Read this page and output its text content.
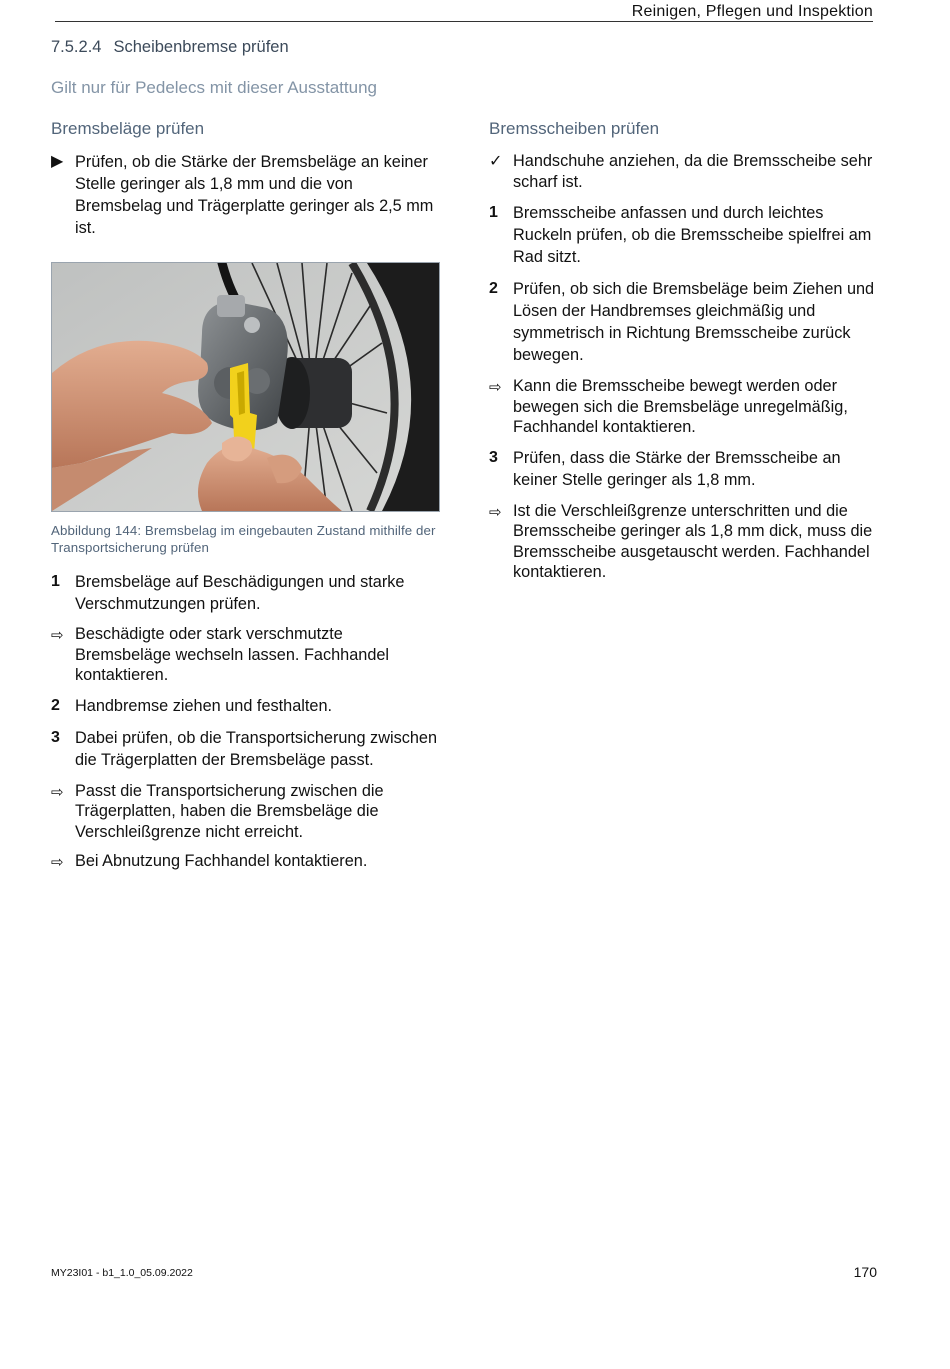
Reinigen, Pflegen und Inspektion
7.5.2.4 Scheibenbremse prüfen
Gilt nur für Pedelecs mit dieser Ausstattung
Bremsbeläge prüfen
▶ Prüfen, ob die Stärke der Bremsbeläge an keiner Stelle geringer als 1,8 mm und die von Bremsbelag und Trägerplatte geringer als 2,5 mm ist.
Abbildung 144: Bremsbelag im eingebauten Zustand mithilfe der Transportsicherung prüfen
1 Bremsbeläge auf Beschädigungen und starke Verschmutzungen prüfen.
⇨ Beschädigte oder stark verschmutzte Bremsbeläge wechseln lassen. Fachhandel kontaktieren.
2 Handbremse ziehen und festhalten.
3 Dabei prüfen, ob die Transportsicherung zwischen die Trägerplatten der Bremsbeläge passt.
⇨ Passt die Transportsicherung zwischen die Trägerplatten, haben die Bremsbeläge die Verschleißgrenze nicht erreicht.
⇨ Bei Abnutzung Fachhandel kontaktieren.
Bremsscheiben prüfen
✓ Handschuhe anziehen, da die Bremsscheibe sehr scharf ist.
1 Bremsscheibe anfassen und durch leichtes Ruckeln prüfen, ob die Bremsscheibe spielfrei am Rad sitzt.
2 Prüfen, ob sich die Bremsbeläge beim Ziehen und Lösen der Handbremses gleichmäßig und symmetrisch in Richtung Bremsscheibe zurück bewegen.
⇨ Kann die Bremsscheibe bewegt werden oder bewegen sich die Bremsbeläge unregelmäßig, Fachhandel kontaktieren.
3 Prüfen, dass die Stärke der Bremsscheibe an keiner Stelle geringer als 1,8 mm.
⇨ Ist die Verschleißgrenze unterschritten und die Bremsscheibe geringer als 1,8 mm dick, muss die Bremsscheibe ausgetauscht werden. Fachhandel kontaktieren.
MY23I01 - b1_1.0_05.09.2022	170
